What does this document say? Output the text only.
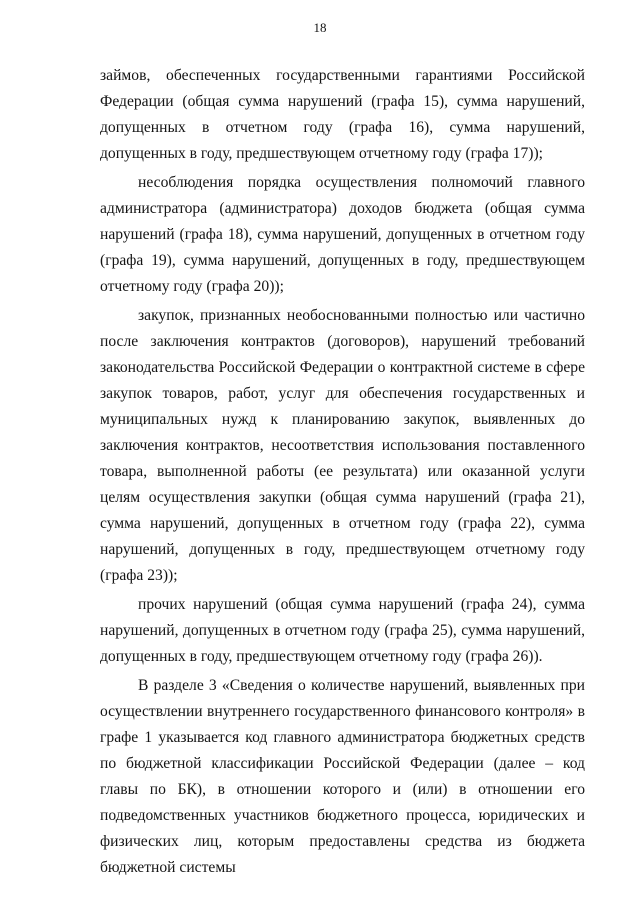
18

займов, обеспеченных государственными гарантиями Российской Федерации (общая сумма нарушений (графа 15), сумма нарушений, допущенных в отчетном году (графа 16), сумма нарушений, допущенных в году, предшествующем отчетному году (графа 17));

несоблюдения порядка осуществления полномочий главного администратора (администратора) доходов бюджета (общая сумма нарушений (графа 18), сумма нарушений, допущенных в отчетном году (графа 19), сумма нарушений, допущенных в году, предшествующем отчетному году (графа 20));

закупок, признанных необоснованными полностью или частично после заключения контрактов (договоров), нарушений требований законодательства Российской Федерации о контрактной системе в сфере закупок товаров, работ, услуг для обеспечения государственных и муниципальных нужд к планированию закупок, выявленных до заключения контрактов, несоответствия использования поставленного товара, выполненной работы (ее результата) или оказанной услуги целям осуществления закупки (общая сумма нарушений (графа 21), сумма нарушений, допущенных в отчетном году (графа 22), сумма нарушений, допущенных в году, предшествующем отчетному году (графа 23));

прочих нарушений (общая сумма нарушений (графа 24), сумма нарушений, допущенных в отчетном году (графа 25), сумма нарушений, допущенных в году, предшествующем отчетному году (графа 26)).

В разделе 3 «Сведения о количестве нарушений, выявленных при осуществлении внутреннего государственного финансового контроля» в графе 1 указывается код главного администратора бюджетных средств по бюджетной классификации Российской Федерации (далее – код главы по БК), в отношении которого и (или) в отношении его подведомственных участников бюджетного процесса, юридических и физических лиц, которым предоставлены средства из бюджета бюджетной системы
